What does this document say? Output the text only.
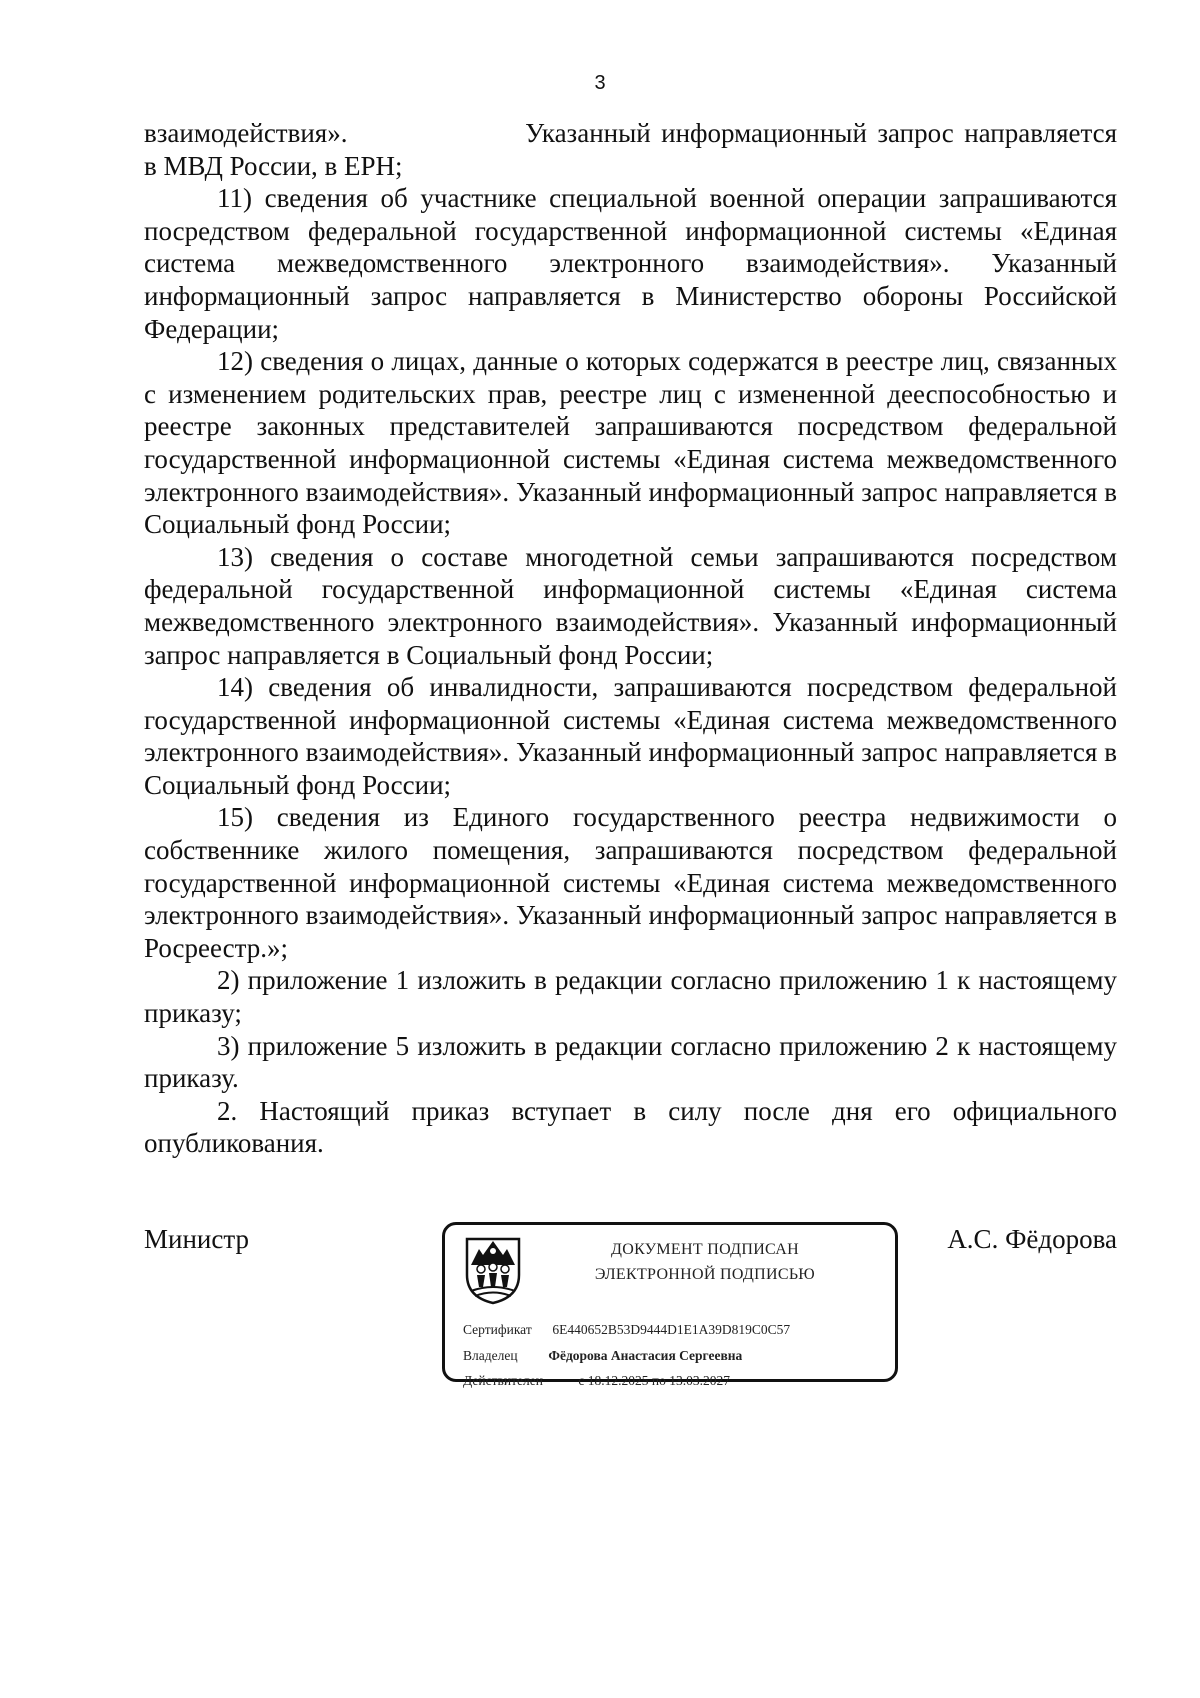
3

взаимодействия».                 Указанный информационный запрос направляется
в МВД России, в ЕРН;

11) сведения об участнике специальной военной операции запрашиваются посредством федеральной государственной информационной системы «Единая система межведомственного электронного взаимодействия». Указанный информационный запрос направляется в Министерство обороны Российской Федерации;

12) сведения о лицах, данные о которых содержатся в реестре лиц, связанных с изменением родительских прав, реестре лиц с измененной дееспособностью и реестре законных представителей запрашиваются посредством федеральной государственной информационной системы «Единая система межведомственного электронного взаимодействия». Указанный информационный запрос направляется в Социальный фонд России;

13) сведения о составе многодетной семьи запрашиваются посредством федеральной государственной информационной системы «Единая система межведомственного электронного взаимодействия». Указанный информационный запрос направляется в Социальный фонд России;

14) сведения об инвалидности, запрашиваются посредством федеральной государственной информационной системы «Единая система межведомственного электронного взаимодействия». Указанный информационный запрос направляется в Социальный фонд России;

15) сведения из Единого государственного реестра недвижимости о собственнике жилого помещения, запрашиваются посредством федеральной государственной информационной системы «Единая система межведомственного электронного взаимодействия». Указанный информационный запрос направляется в Росреестр.»;

2) приложение 1 изложить в редакции согласно приложению 1 к настоящему приказу;

3) приложение 5 изложить в редакции согласно приложению 2 к настоящему приказу.

2. Настоящий приказ вступает в силу после дня его официального опубликования.

Министр	А.С. Фёдорова
ДОКУМЕНТ ПОДПИСАН
ЭЛЕКТРОННОЙ ПОДПИСЬЮ
Сертификат 6E440652B53D9444D1E1A39D819C0C57
Владелец Фёдорова Анастасия Сергеевна
Действителен	с 18.12.2025 по 13.03.2027
